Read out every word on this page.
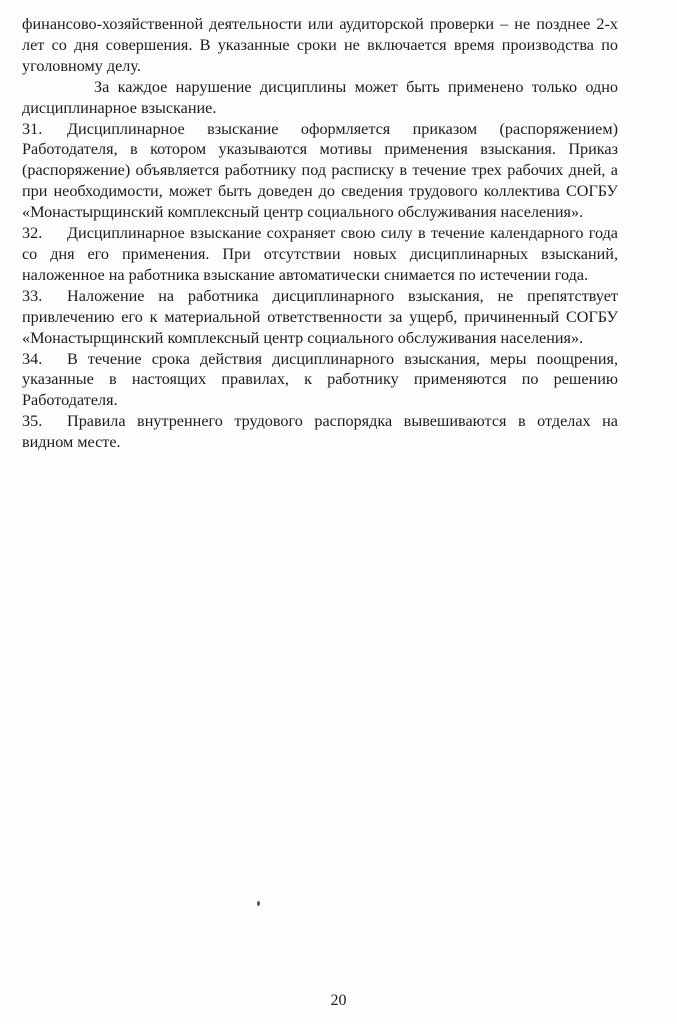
финансово-хозяйственной деятельности или аудиторской проверки – не позднее 2-х лет со дня совершения. В указанные сроки не включается время производства по уголовному делу.

За каждое нарушение дисциплины может быть применено только одно дисциплинарное взыскание.

31. Дисциплинарное взыскание оформляется приказом (распоряжением) Работодателя, в котором указываются мотивы применения взыскания. Приказ (распоряжение) объявляется работнику под расписку в течение трех рабочих дней, а при необходимости, может быть доведен до сведения трудового коллектива СОГБУ «Монастырщинский комплексный центр социального обслуживания населения».

32. Дисциплинарное взыскание сохраняет свою силу в течение календарного года со дня его применения. При отсутствии новых дисциплинарных взысканий, наложенное на работника взыскание автоматически снимается по истечении года.

33. Наложение на работника дисциплинарного взыскания, не препятствует привлечению его к материальной ответственности за ущерб, причиненный СОГБУ «Монастырщинский комплексный центр социального обслуживания населения».

34. В течение срока действия дисциплинарного взыскания, меры поощрения, указанные в настоящих правилах, к работнику применяются по решению Работодателя.

35. Правила внутреннего трудового распорядка вывешиваются в отделах на видном месте.

20
